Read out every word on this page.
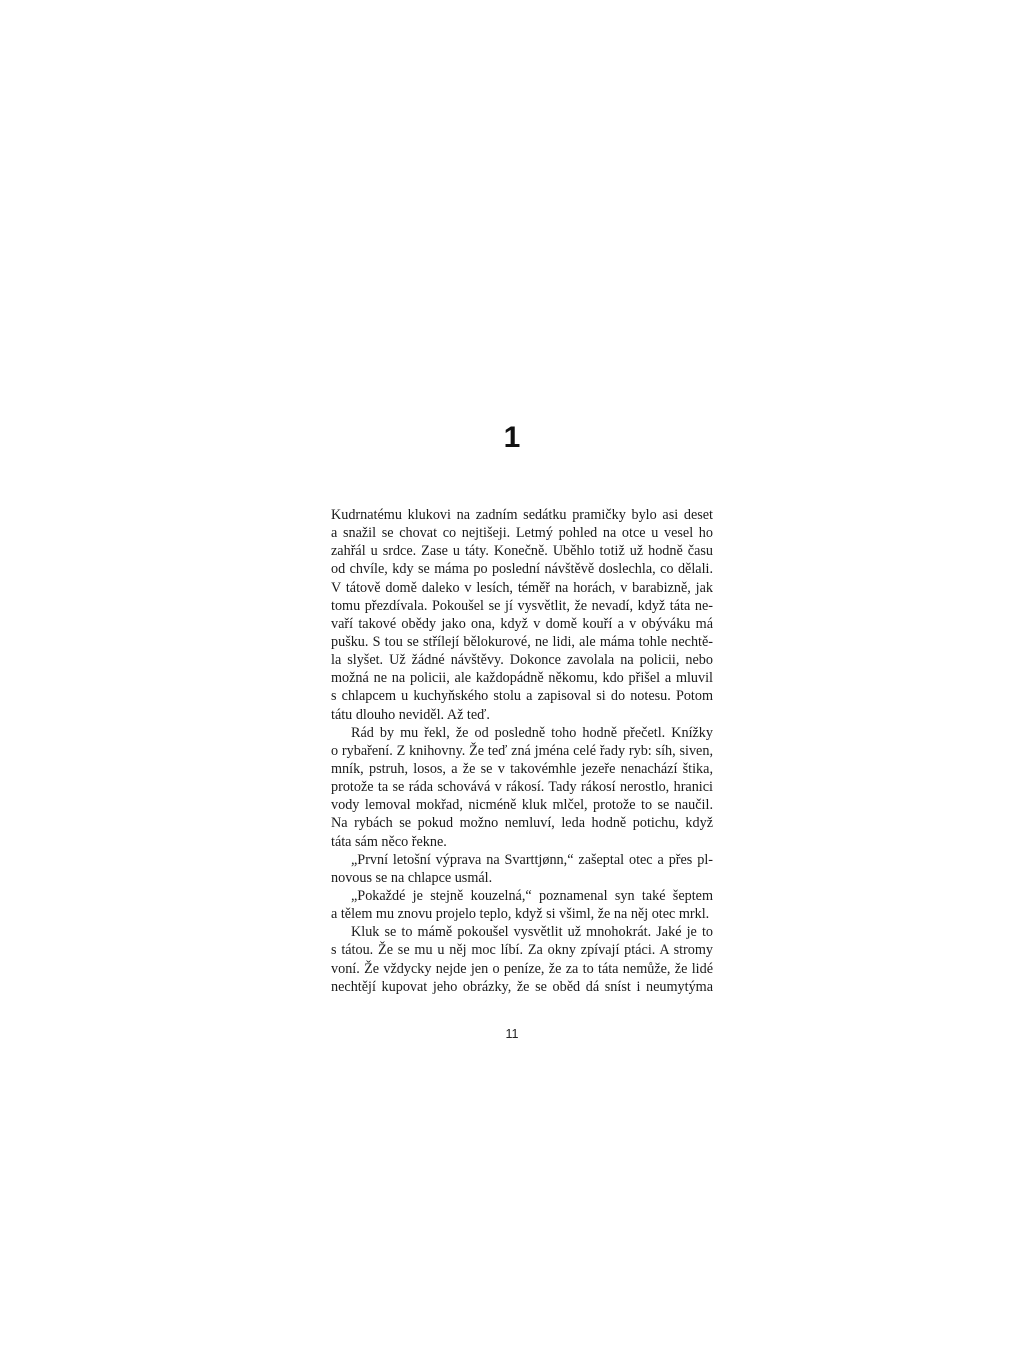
1

Kudrnatému klukovi na zadním sedátku pramičky bylo asi deset
a snažil se chovat co nejtišeji. Letmý pohled na otce u vesel ho
zahřál u srdce. Zase u táty. Konečně. Uběhlo totiž už hodně času
od chvíle, kdy se máma po poslední návštěvě doslechla, co dělali.
V tátově domě daleko v lesích, téměř na horách, v barabizně, jak
tomu přezdívala. Pokoušel se jí vysvětlit, že nevadí, když táta ne-
vaří takové obědy jako ona, když v domě kouří a v obýváku má
pušku. S tou se střílejí bělokurové, ne lidi, ale máma tohle nechtě-
la slyšet. Už žádné návštěvy. Dokonce zavolala na policii, nebo
možná ne na policii, ale každopádně někomu, kdo přišel a mluvil
s chlapcem u kuchyňského stolu a zapisoval si do notesu. Potom
tátu dlouho neviděl. Až teď.

Rád by mu řekl, že od posledně toho hodně přečetl. Knížky
o rybaření. Z knihovny. Že teď zná jména celé řady ryb: síh, siven,
mník, pstruh, losos, a že se v takovémhle jezeře nenachází štika,
protože ta se ráda schovává v rákosí. Tady rákosí nerostlo, hranici
vody lemoval mokřad, nicméně kluk mlčel, protože to se naučil.
Na rybách se pokud možno nemluví, leda hodně potichu, když
táta sám něco řekne.

„První letošní výprava na Svarttjønn,“ zašeptal otec a přes pl-
novous se na chlapce usmál.

„Pokaždé je stejně kouzelná,“ poznamenal syn také šeptem
a tělem mu znovu projelo teplo, když si všiml, že na něj otec mrkl.

Kluk se to mámě pokoušel vysvětlit už mnohokrát. Jaké je to
s tátou. Že se mu u něj moc líbí. Za okny zpívají ptáci. A stromy
voní. Že vždycky nejde jen o peníze, že za to táta nemůže, že lidé
nechtějí kupovat jeho obrázky, že se oběd dá sníst i neumytýma

11
